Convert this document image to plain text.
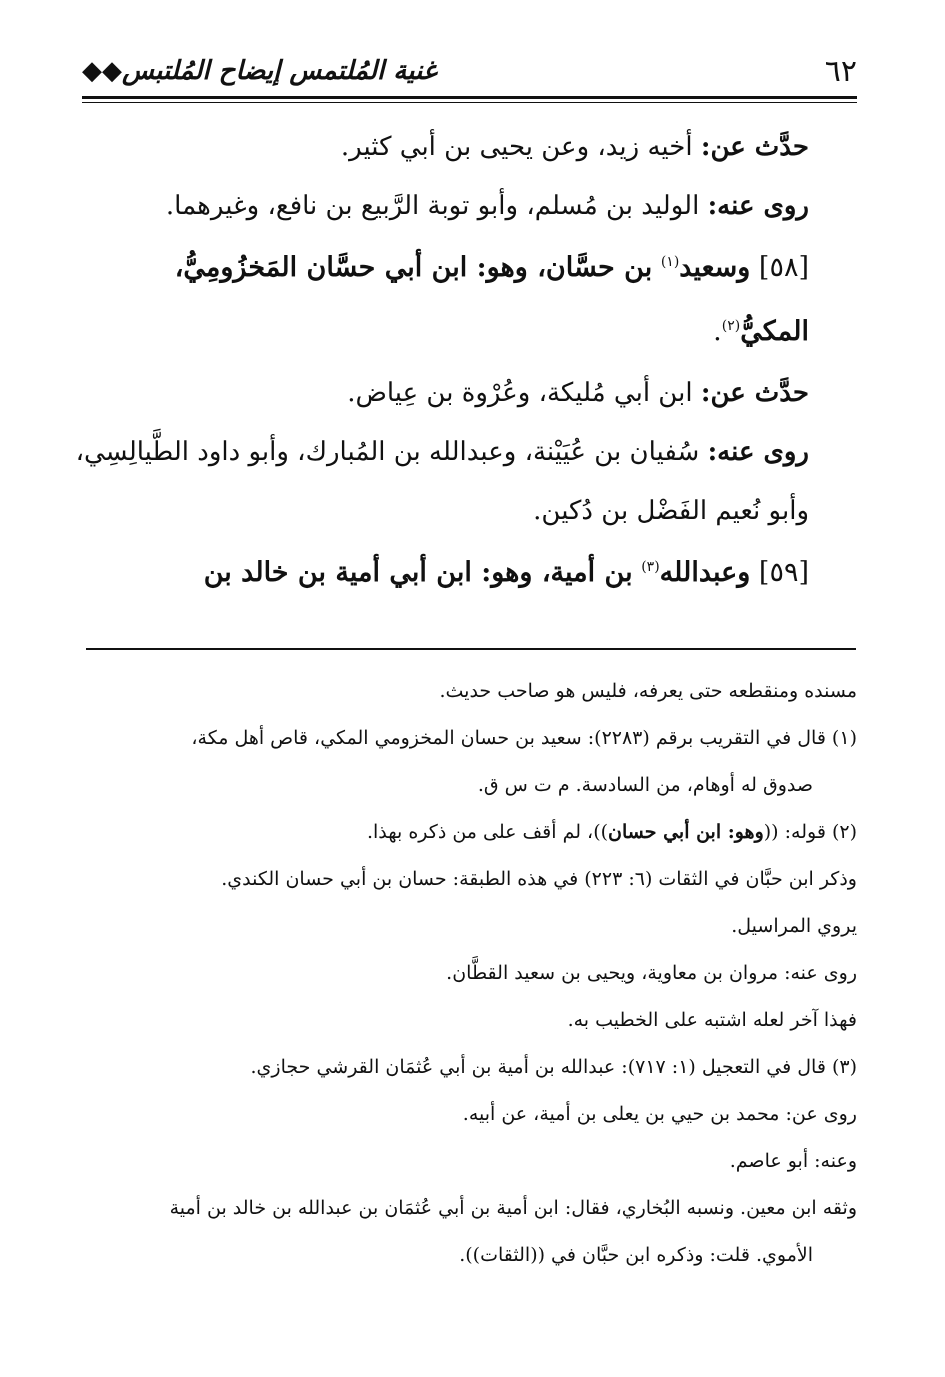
٦٢
غنية المُلتمس إيضاح المُلتبس◆◆
حدَّث عن: أخيه زيد، وعن يحيى بن أبي كثير.
روى عنه: الوليد بن مُسلم، وأبو توبة الرَّبيع بن نافع، وغيرهما.
[٥٨] وسعيد$^{(١)}$ بن حسَّان، وهو: ابن أبي حسَّان المَخزُومِيُّ،
المكيُّ$^{(٢)}$.
حدَّث عن: ابن أبي مُليكة، وعُرْوة بن عِياض.
روى عنه: سُفيان بن عُيَيْنة، وعبدالله بن المُبارك، وأبو داود الطَّيالِسِي،
وأبو نُعيم الفَضْل بن دُكين.
[٥٩] وعبدالله$^{(٣)}$ بن أمية، وهو: ابن أبي أمية بن خالد بن
مسنده ومنقطعه حتى يعرفه، فليس هو صاحب حديث.
(١) قال في التقريب برقم (٢٢٨٣): سعيد بن حسان المخزومي المكي، قاص أهل مكة،
صدوق له أوهام، من السادسة. م ت س ق.
(٢) قوله: ((وهو: ابن أبي حسان))، لم أقف على من ذكره بهذا.
وذكر ابن حبَّان في الثقات (٦: ٢٢٣) في هذه الطبقة: حسان بن أبي حسان الكندي.
يروي المراسيل.
روى عنه: مروان بن معاوية، ويحيى بن سعيد القطَّان.
فهذا آخر لعله اشتبه على الخطيب به.
(٣) قال في التعجيل (١: ٧١٧): عبدالله بن أمية بن أبي عُثمَان القرشي حجازي.
روى عن: محمد بن حيي بن يعلى بن أمية، عن أبيه.
وعنه: أبو عاصم.
وثقه ابن معين. ونسبه البُخاري، فقال: ابن أمية بن أبي عُثمَان بن عبدالله بن خالد بن أمية
الأموي. قلت: وذكره ابن حبَّان في ((الثقات)).
